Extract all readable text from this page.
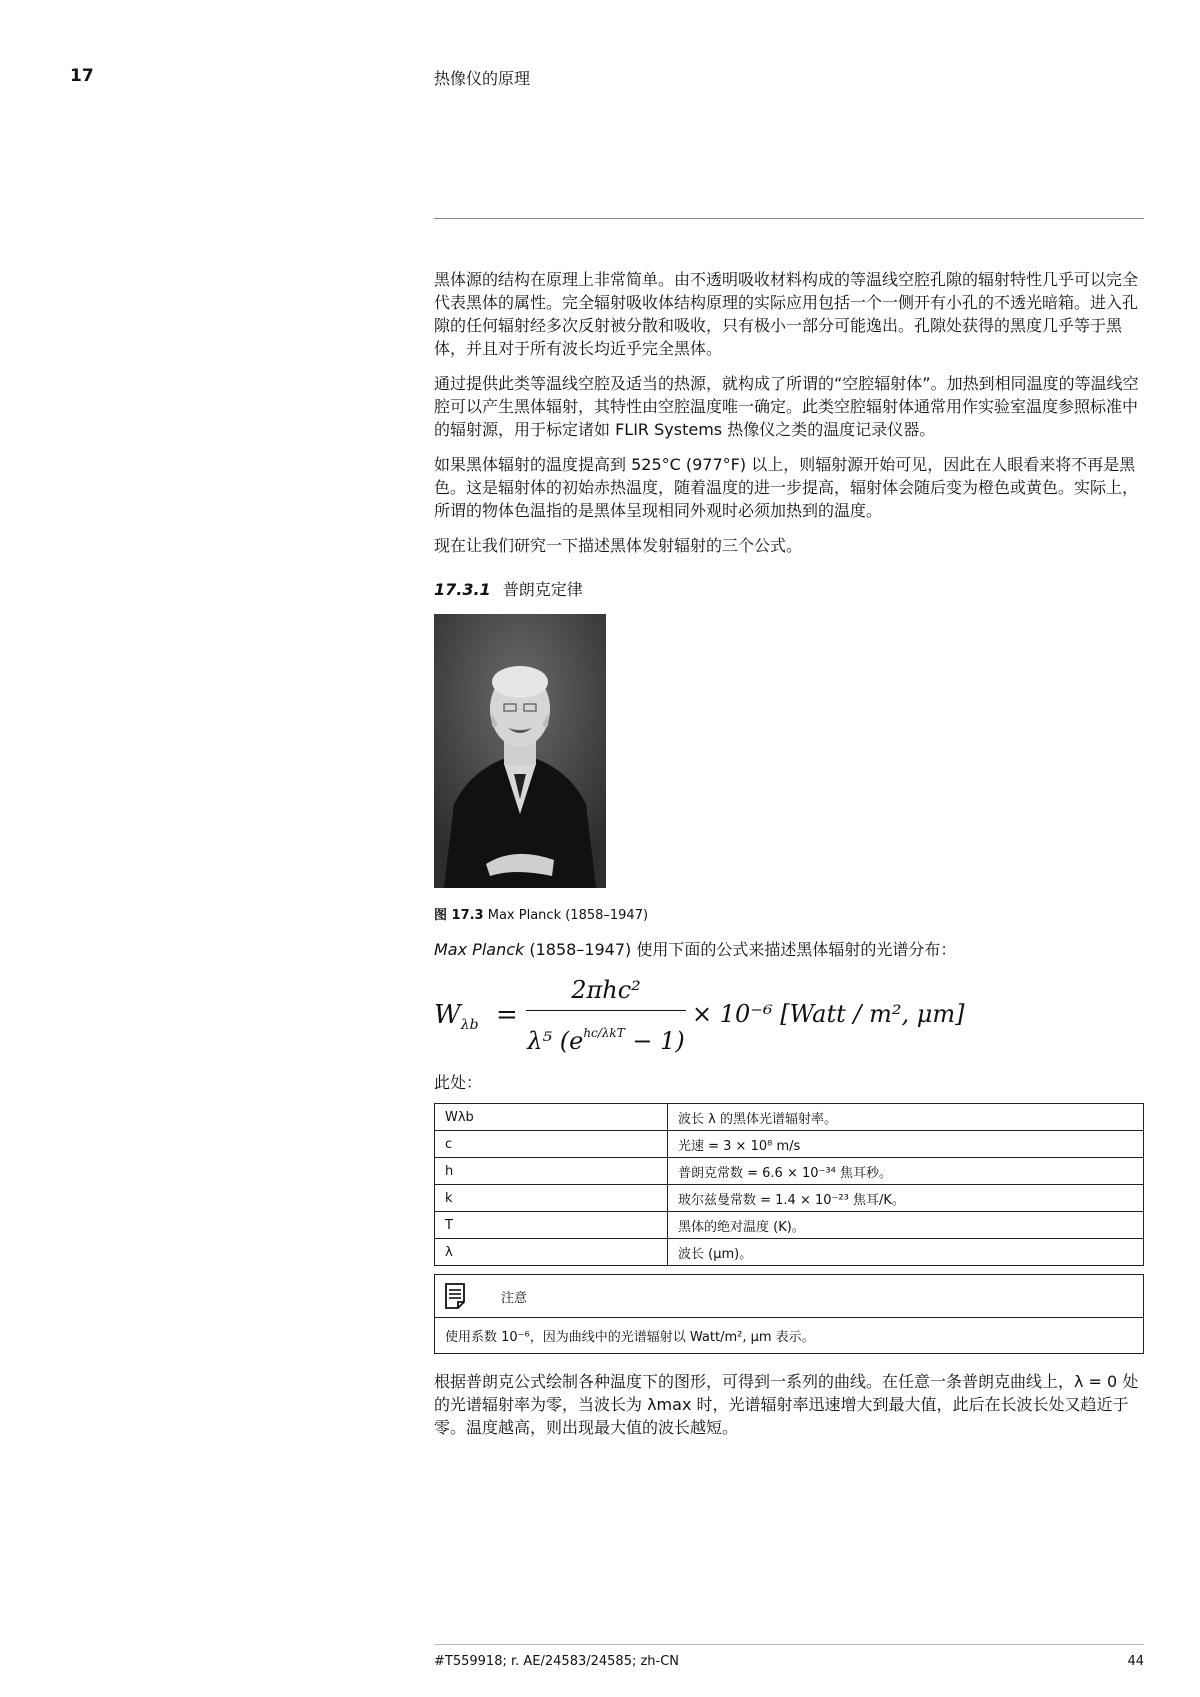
17	热像仪的原理

黑体源的结构在原理上非常简单。由不透明吸收材料构成的等温线空腔孔隙的辐射特性几乎可以完全代表黑体的属性。完全辐射吸收体结构原理的实际应用包括一个一侧开有小孔的不透光暗箱。进入孔隙的任何辐射经多次反射被分散和吸收，只有极小一部分可能逸出。孔隙处获得的黑度几乎等于黑体，并且对于所有波长均近乎完全黑体。

通过提供此类等温线空腔及适当的热源，就构成了所谓的“空腔辐射体”。加热到相同温度的等温线空腔可以产生黑体辐射，其特性由空腔温度唯一确定。此类空腔辐射体通常用作实验室温度参照标准中的辐射源，用于标定诸如 FLIR Systems 热像仪之类的温度记录仪器。

如果黑体辐射的温度提高到 525°C (977°F) 以上，则辐射源开始可见，因此在人眼看来将不再是黑色。这是辐射体的初始赤热温度，随着温度的进一步提高，辐射体会随后变为橙色或黄色。实际上，所谓的物体色温指的是黑体呈现相同外观时必须加热到的温度。

现在让我们研究一下描述黑体发射辐射的三个公式。

17.3.1 普朗克定律
图 17.3 Max Planck (1858–1947)
Max Planck (1858–1947) 使用下面的公式来描述黑体辐射的光谱分布：
$W_{\lambda b}$ =
2πhc²
λ⁵ $(e^{hc/\lambda kT} - 1)$
× 10⁻⁶ [Watt / m², μm]
此处：
Wλb	波长 λ 的黑体光谱辐射率。
c	光速 = 3 × 10⁸ m/s
h	普朗克常数 = 6.6 × 10⁻³⁴ 焦耳秒。
k	玻尔兹曼常数 = 1.4 × 10⁻²³ 焦耳/K。
T	黑体的绝对温度 (K)。
λ	波长 (μm)。
注意
使用系数 10⁻⁶，因为曲线中的光谱辐射以 Watt/m², μm 表示。

根据普朗克公式绘制各种温度下的图形，可得到一系列的曲线。在任意一条普朗克曲线上，λ = 0 处的光谱辐射率为零，当波长为 λmax 时，光谱辐射率迅速增大到最大值，此后在长波长处又趋近于零。温度越高，则出现最大值的波长越短。

#T559918; r. AE/24583/24585; zh-CN	44
